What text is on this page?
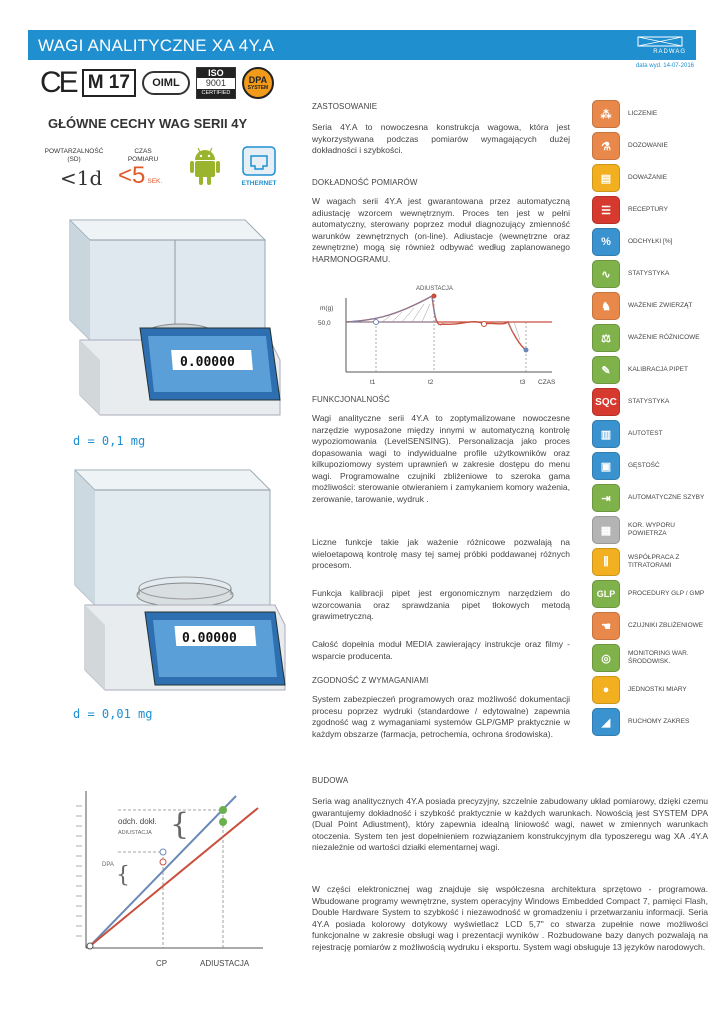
WAGI ANALITYCZNE XA 4Y.A	RADWAG
data wyd. 14-07-2016
CE M 17	OIML
ISO
9001
CERTIFIED
DPA
SYSTEM
GŁÓWNE CECHY WAG SERII 4Y
POWTARZALNOŚĆ
(SD)
<1d
CZAS
POMIARU
<5 SEK.	ETHERNET
0.00000
d = 0,1 mg
0.00000
d = 0,01 mg
{
{
odch. dokł.
ADIUSTACJA
DPA
CP	ADIUSTACJA
ZASTOSOWANIE
Seria 4Y.A to nowoczesna konstrukcja wagowa, która jest wykorzystywana podczas pomiarów wymagających dużej dokładności i szybkości.
DOKŁADNOŚĆ POMIARÓW
W wagach serii 4Y.A jest gwarantowana przez automatyczną adiustację wzorcem wewnętrznym. Proces ten jest w pełni automatyczny, sterowany poprzez moduł diagnozujący zmienność warunków zewnętrznych (on-line). Adiustacje (wewnętrzne oraz zewnętrzne) mogą się również odbywać według zaplanowanego HARMONOGRAMU.
ADIUSTACJA
m(g)
50,0
t1	t2	t3 CZAS
FUNKCJONALNOŚĆ
Wagi analityczne serii 4Y.A to zoptymalizowane nowoczesne narzędzie wyposażone między innymi w automatyczną kontrolę wypoziomowania (LevelSENSING). Personalizacja jako proces dopasowania wagi to indywidualne profile użytkowników oraz kilkupoziomowy system uprawnień w zakresie dostępu do menu wagi. Programowalne czujniki zbliżeniowe to szeroka gama możliwości: sterowanie otwieraniem i zamykaniem komory ważenia, zerowanie, tarowanie, wydruk .
Liczne funkcje takie jak ważenie różnicowe pozwalają na wieloetapową kontrolę masy tej samej próbki poddawanej różnych procesom.
Funkcja kalibracji pipet jest ergonomicznym narzędziem do wzorcowania oraz sprawdzania pipet tłokowych metodą grawimetryczną.
Całość dopełnia moduł MEDIA zawierający instrukcje oraz filmy - wsparcie producenta.
ZGODNOŚĆ Z WYMAGANIAMI
System zabezpieczeń programowych oraz możliwość dokumentacji procesu poprzez wydruki (standardowe / edytowalne) zapewnia zgodność wag z wymaganiami systemów GLP/GMP praktycznie w każdym obszarze (farmacja, petrochemia, ochrona środowiska).
BUDOWA
Seria wag analitycznych 4Y.A posiada precyzyjny, szczelnie zabudowany układ pomiarowy, dzięki czemu gwarantujemy dokładność i szybkość praktycznie w każdych warunkach. Nowością jest SYSTEM DPA (Dual Point Adiustment), który zapewnia idealną liniowość wagi, nawet w zmiennych warunkach otoczenia. System ten jest dopełnieniem rozwiązaniem konstrukcyjnym dla typoszeregu wag XA .4Y.A niezależnie od wartości działki elementarnej wagi.
W części elektronicznej wag znajduje się współczesna architektura sprzętowo - programowa. Wbudowane programy wewnętrzne, system operacyjny Windows Embedded Compact 7, pamięci Flash, Double Hardware System to szybkość i niezawodność w gromadzeniu i przetwarzaniu informacji. Seria 4Y.A posiada kolorowy dotykowy wyświetlacz LCD 5,7" co stwarza zupełnie nowe możliwości funkcjonalne w zakresie obsługi wag i prezentacji wyników . Rozbudowane bazy danych pozwalają na rejestrację pomiarów z możliwością wydruku i eksportu. System wagi obsługuje 13 języków narodowych.
⁂	LICZENIE
⚗	DOZOWANIE
▤	DOWAŻANIE
☰	RECEPTURY
%	ODCHYŁKI [%]
∿	STATYSTYKA
♞	WAŻENIE ZWIERZĄT
⚖	WAŻENIE RÓŻNICOWE
✎	KALIBRACJA PIPET
SQC STATYSTYKA
▥	AUTOTEST
▣	GĘSTOŚĆ
⇥	AUTOMATYCZNE SZYBY
▦	KOR. WYPORU POWIETRZA
⫼	WSPÓŁPRACA Z TITRATORAMI
GLP PROCEDURY GLP / GMP
☚	CZUJNIKI ZBLIŻENIOWE
◎	MONITORING WAR. ŚRODOWISK.
●	JEDNOSTKI MIARY
◢	RUCHOMY ZAKRES
